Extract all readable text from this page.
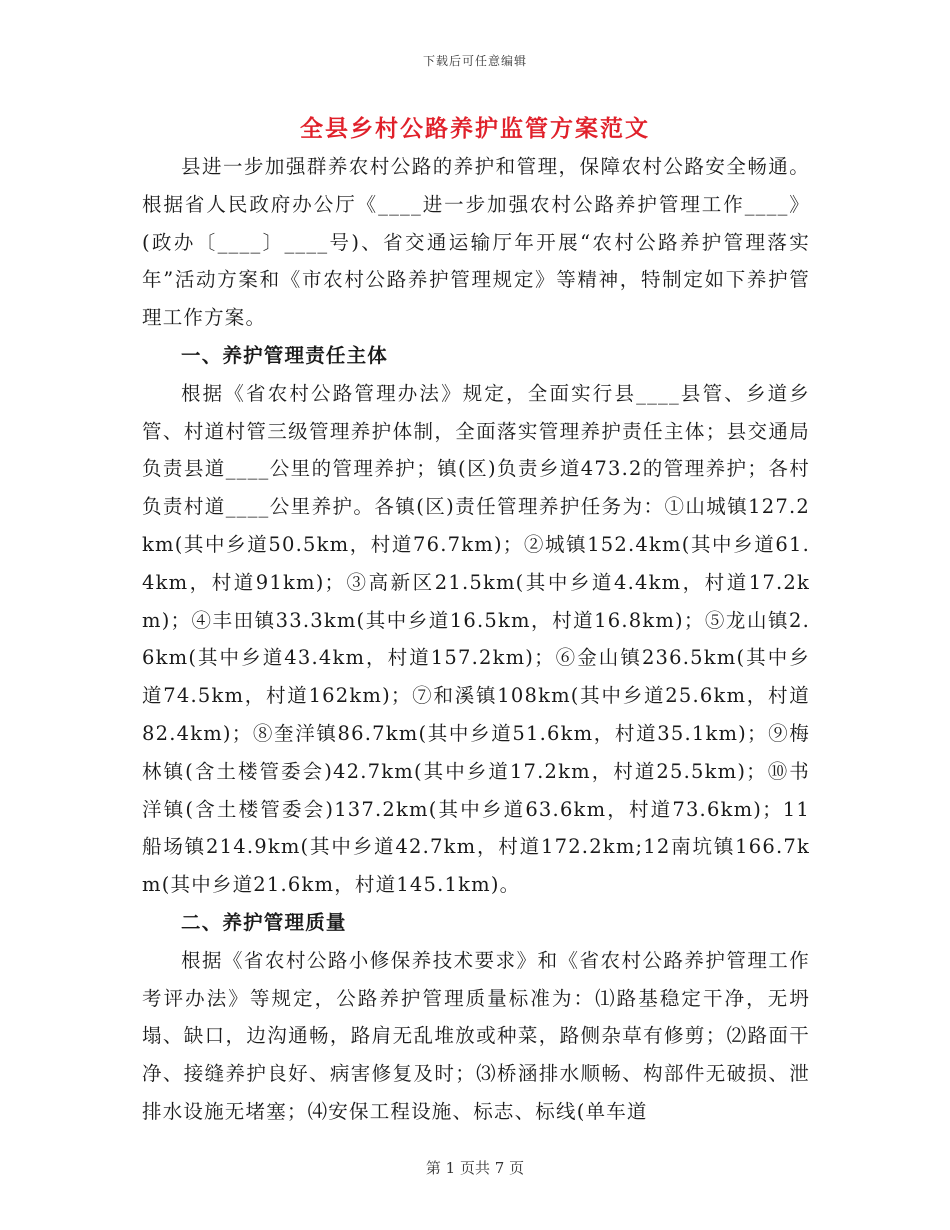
下载后可任意编辑
全县乡村公路养护监管方案范文

县进一步加强群养农村公路的养护和管理，保障农村公路安全畅通。根据省人民政府办公厅《____进一步加强农村公路养护管理工作____》(政办〔____〕____号)、省交通运输厅年开展“农村公路养护管理落实年”活动方案和《市农村公路养护管理规定》等精神，特制定如下养护管理工作方案。

一、养护管理责任主体

根据《省农村公路管理办法》规定，全面实行县____县管、乡道乡管、村道村管三级管理养护体制，全面落实管理养护责任主体；县交通局负责县道____公里的管理养护；镇(区)负责乡道473.2的管理养护；各村负责村道____公里养护。各镇(区)责任管理养护任务为：①山城镇127.2km(其中乡道50.5km，村道76.7km)；②城镇152.4km(其中乡道61.4km，村道91km)；③高新区21.5km(其中乡道4.4km，村道17.2km)；④丰田镇33.3km(其中乡道16.5km，村道16.8km)；⑤龙山镇2.6km(其中乡道43.4km，村道157.2km)；⑥金山镇236.5km(其中乡道74.5km，村道162km)；⑦和溪镇108km(其中乡道25.6km，村道82.4km)；⑧奎洋镇86.7km(其中乡道51.6km，村道35.1km)；⑨梅林镇(含土楼管委会)42.7km(其中乡道17.2km，村道25.5km)；⑩书洋镇(含土楼管委会)137.2km(其中乡道63.6km，村道73.6km)；11船场镇214.9km(其中乡道42.7km，村道172.2km;12南坑镇166.7km(其中乡道21.6km，村道145.1km)。

二、养护管理质量

根据《省农村公路小修保养技术要求》和《省农村公路养护管理工作考评办法》等规定，公路养护管理质量标准为：⑴路基稳定干净，无坍塌、缺口，边沟通畅，路肩无乱堆放或种菜，路侧杂草有修剪；⑵路面干净、接缝养护良好、病害修复及时；⑶桥涵排水顺畅、构部件无破损、泄排水设施无堵塞；⑷安保工程设施、标志、标线(单车道

第 1 页共 7 页
